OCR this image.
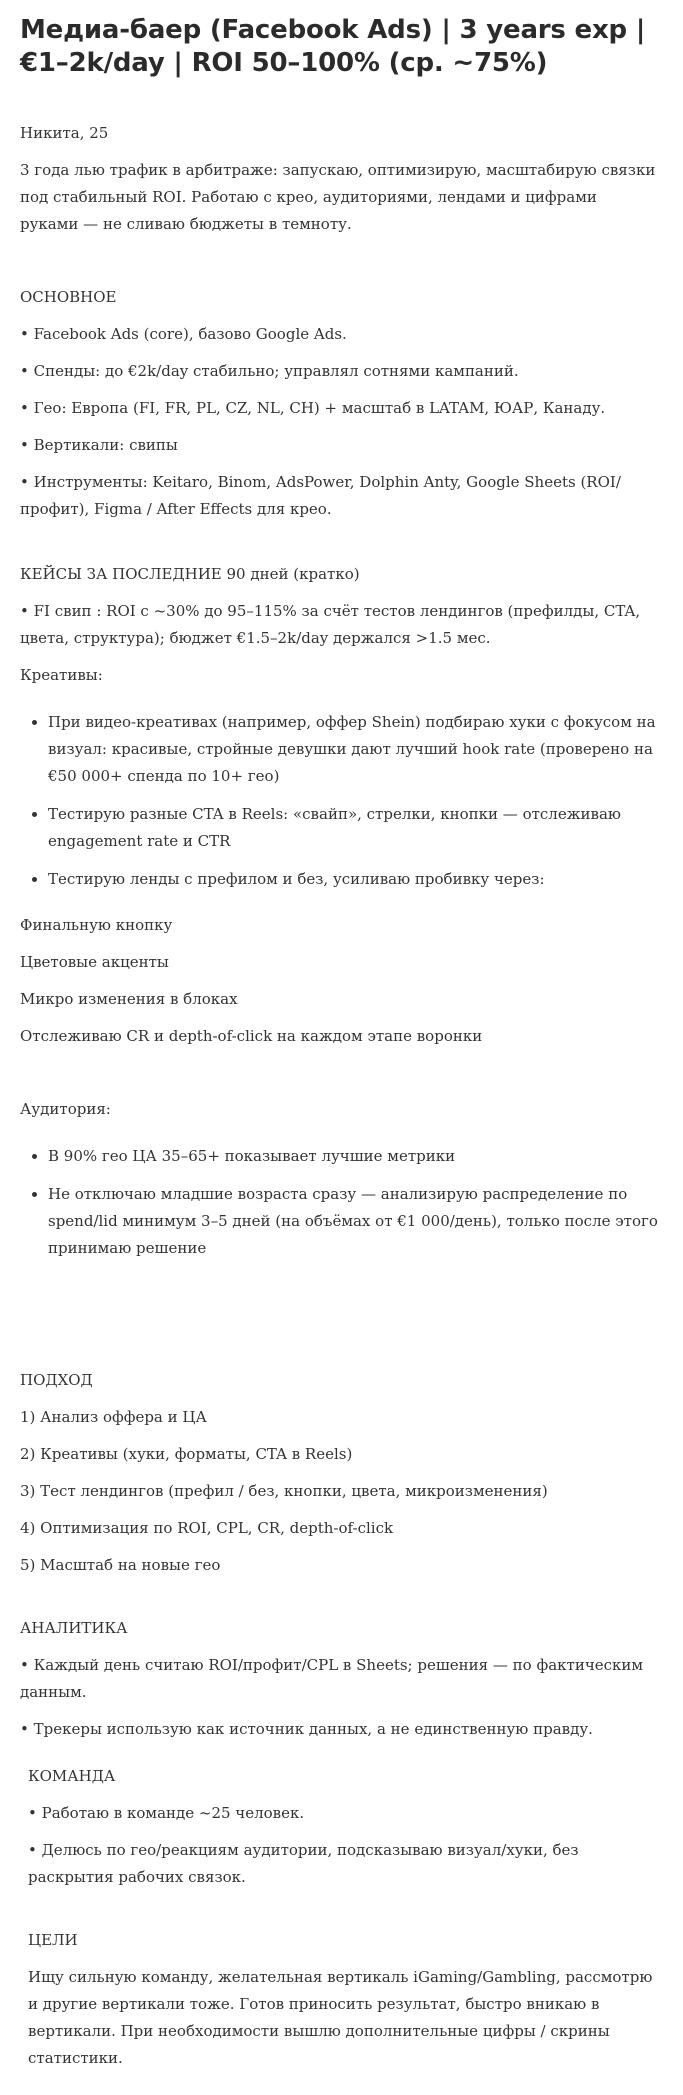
Медиа-баер (Facebook Ads) | 3 years exp | €1–2k/day | ROI 50–100% (ср. ~75%)

Никита, 25

3 года лью трафик в арбитраже: запускаю, оптимизирую, масштабирую связки под стабильный ROI. Работаю с крео, аудиториями, лендами и цифрами руками — не сливаю бюджеты в темноту.

ОСНОВНОЕ

• Facebook Ads (core), базово Google Ads.

• Спенды: до €2k/day стабильно; управлял сотнями кампаний.

• Гео: Европа (FI, FR, PL, CZ, NL, CH) + масштаб в LATAM, ЮАР, Канаду.

• Вертикали: свипы

• Инструменты: Keitaro, Binom, AdsPower, Dolphin Anty, Google Sheets (ROI/профит), Figma / After Effects для крео.

КЕЙСЫ ЗА ПОСЛЕДНИЕ 90 дней (кратко)

• FI свип : ROI с ~30% до 95–115% за счёт тестов лендингов (префилды, CTA, цвета, структура); бюджет €1.5–2k/day держался >1.5 мес.

Креативы:

• При видео-креативах (например, оффер Shein) подбираю хуки с фокусом на визуал: красивые, стройные девушки дают лучший hook rate (проверено на €50 000+ спенда по 10+ гео)
• Тестирую разные CTA в Reels: «свайп», стрелки, кнопки — отслеживаю engagement rate и CTR
• Тестирую ленды с префилом и без, усиливаю пробивку через:

Финальную кнопку

Цветовые акценты

Микро изменения в блоках

Отслеживаю CR и depth-of-click на каждом этапе воронки

Аудитория:

• В 90% гео ЦА 35–65+ показывает лучшие метрики
• Не отключаю младшие возраста сразу — анализирую распределение по spend/lid минимум 3–5 дней (на объёмах от €1 000/день), только после этого принимаю решение

ПОДХОД

1) Анализ оффера и ЦА

2) Креативы (хуки, форматы, CTA в Reels)

3) Тест лендингов (префил / без, кнопки, цвета, микроизменения)

4) Оптимизация по ROI, CPL, CR, depth-of-click

5) Масштаб на новые гео

АНАЛИТИКА

• Каждый день считаю ROI/профит/CPL в Sheets; решения — по фактическим данным.

• Трекеры использую как источник данных, а не единственную правду.

КОМАНДА

• Работаю в команде ~25 человек.

• Делюсь по гео/реакциям аудитории, подсказываю визуал/хуки, без раскрытия рабочих связок.

ЦЕЛИ

Ищу сильную команду, желательная вертикаль iGaming/Gambling, рассмотрю и другие вертикали тоже. Готов приносить результат, быстро вникаю в вертикали. При необходимости вышлю дополнительные цифры / скрины статистики.
